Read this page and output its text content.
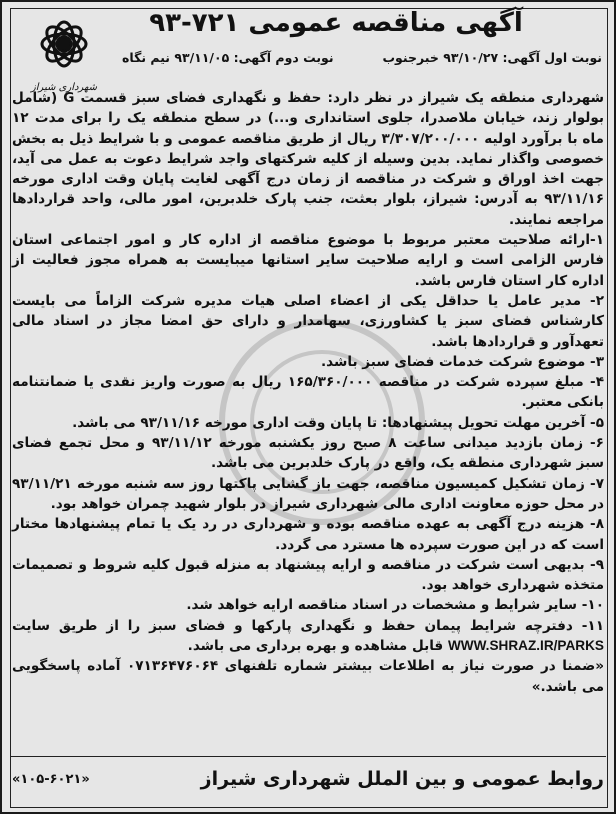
شهرداری شیراز
آگهی مناقصه عمومی ۷۲۱-۹۳
نوبت اول آگهی: ۹۳/۱۰/۲۷ خبرجنوب
نوبت دوم آگهی: ۹۳/۱۱/۰۵ نیم نگاه

شهرداری منطقه یک شیراز در نظر دارد: حفظ و نگهداری فضای سبز قسمت G (شامل بولوار زند، خیابان ملاصدرا، جلوی استانداری و...) در سطح منطقه یک را برای مدت ۱۲ ماه با برآورد اولیه ۳/۳۰۷/۲۰۰/۰۰۰ ریال از طریق مناقصه عمومی و با شرایط ذیل به بخش خصوصی واگذار نماید. بدین وسیله از کلیه شرکتهای واجد شرایط دعوت به عمل می آید، جهت اخذ اوراق و شرکت در مناقصه از زمان درج آگهی لغایت پایان وقت اداری مورخه ۹۳/۱۱/۱۶ به آدرس: شیراز، بلوار بعثت، جنب پارک خلدبرین، امور مالی، واحد قراردادها مراجعه نمایند.

۱-ارائه صلاحیت معتبر مربوط با موضوع مناقصه از اداره کار و امور اجتماعی استان فارس الزامی است و ارایه صلاحیت سایر استانها میبایست به همراه مجوز فعالیت از اداره کار استان فارس باشد.

۲- مدیر عامل یا حداقل یکی از اعضاء اصلی هیات مدیره شرکت الزاماً می بایست کارشناس فضای سبز یا کشاورزی، سهامدار و دارای حق امضا مجاز در اسناد مالی تعهدآور و قراردادها باشد.

۳- موضوع شرکت خدمات فضای سبز باشد.

۴- مبلغ سپرده شرکت در مناقصه ۱۶۵/۳۶۰/۰۰۰ ریال به صورت واریز نقدی یا ضمانتنامه بانکی معتبر.

۵- آخرین مهلت تحویل پیشنهادها: تا پایان وقت اداری مورخه ۹۳/۱۱/۱۶ می باشد.

۶- زمان بازدید میدانی ساعت ۸ صبح روز یکشنبه مورخه ۹۳/۱۱/۱۲ و محل تجمع فضای سبز شهرداری منطقه یک، واقع در پارک خلدبرین می باشد.

۷- زمان تشکیل کمیسیون مناقصه، جهت باز گشایی پاکتها روز سه شنبه مورخه ۹۳/۱۱/۲۱ در محل حوزه معاونت اداری مالی شهرداری شیراز در بلوار شهید چمران خواهد بود.

۸- هزینه درج آگهی به عهده مناقصه بوده و شهرداری در رد یک یا تمام پیشنهادها مختار است که در این صورت سپرده ها مسترد می گردد.

۹- بدیهی است شرکت در مناقصه و ارایه پیشنهاد به منزله قبول کلیه شروط و تصمیمات متخذه شهرداری خواهد بود.

۱۰- سایر شرایط و مشخصات در اسناد مناقصه ارایه خواهد شد.

۱۱- دفترچه شرایط پیمان حفظ و نگهداری پارکها و فضای سبز را از طریق سایت WWW.SHRAZ.IR/PARKS قابل مشاهده و بهره برداری می باشد.

«ضمنا در صورت نیاز به اطلاعات بیشتر شماره تلفنهای ۰۷۱۳۶۴۷۶۰۶۴ آماده پاسخگویی می باشد.»

روابط عمومی و بین الملل شهرداری شیراز
«۱۰۵-۶۰۲۱»
